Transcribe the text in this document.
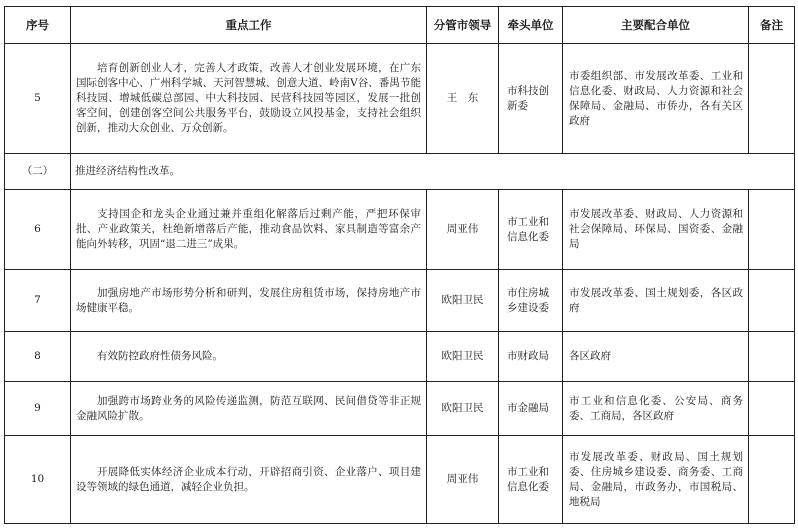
序号	重点工作	分管市领导	牵头单位	主要配合单位	备注
5	培育创新创业人才，完善人才政策，改善人才创业发展环境，在广东国际创客中心、广州科学城、天河智慧城、创意大道、岭南V谷、番禺节能科技园、增城低碳总部园、中大科技园、民营科技园等园区，发展一批创客空间，创建创客空间公共服务平台，鼓励设立风投基金，支持社会组织创新，推动大众创业、万众创新。	王　东	市科技创新委	市委组织部、市发展改革委、工业和信息化委、财政局、人力资源和社会保障局、金融局、市侨办，各有关区政府	
（二）	推进经济结构性改革。				
6	支持国企和龙头企业通过兼并重组化解落后过剩产能，严把环保审批、产业政策关，杜绝新增落后产能，推动食品饮料、家具制造等富余产能向外转移，巩固“退二进三”成果。	周亚伟	市工业和信息化委	市发展改革委、财政局、人力资源和社会保障局、环保局、国资委、金融局	
7	加强房地产市场形势分析和研判，发展住房租赁市场，保持房地产市场健康平稳。	欧阳卫民	市住房城乡建设委	市发展改革委、国土规划委，各区政府	
8	有效防控政府性债务风险。	欧阳卫民	市财政局	各区政府	
9	加强跨市场跨业务的风险传递监测，防范互联网、民间借贷等非正规金融风险扩散。	欧阳卫民	市金融局	市工业和信息化委、公安局、商务委、工商局，各区政府	
10	开展降低实体经济企业成本行动，开辟招商引资、企业落户、项目建设等领域的绿色通道，减轻企业负担。	周亚伟	市工业和信息化委	市发展改革委、财政局、国土规划委、住房城乡建设委、商务委、工商局、金融局，市政务办，市国税局、地税局	
